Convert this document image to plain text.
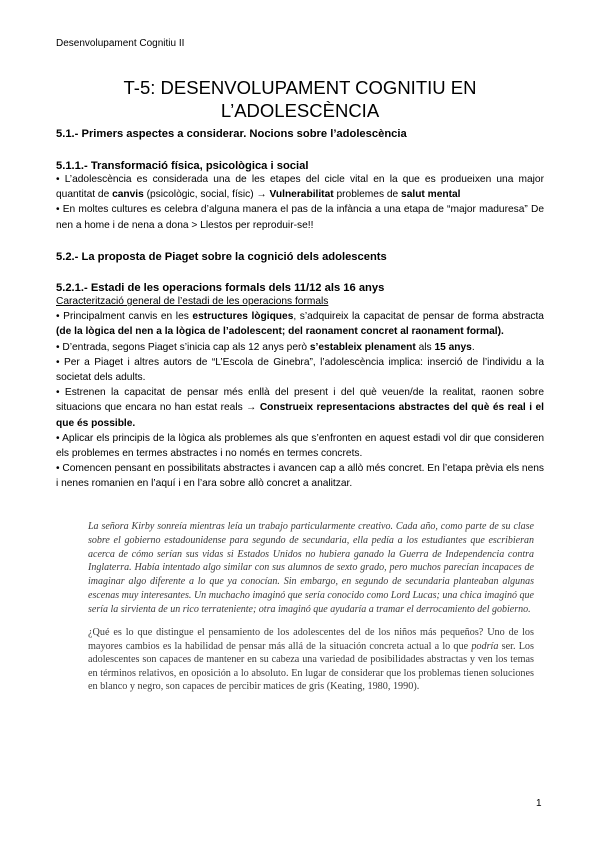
Desenvolupament Cognitiu II
T-5: DESENVOLUPAMENT COGNITIU EN
L’ADOLESCÈNCIA
5.1.- Primers aspectes a considerar. Nocions sobre l’adolescència
5.1.1.- Transformació física, psicològica i social

• L’adolescència es considerada una de les etapes del cicle vital en la que es produeixen una major quantitat de canvis (psicològic, social, físic) → Vulnerabilitat problemes de salut mental

• En moltes cultures es celebra d’alguna manera el pas de la infància a una etapa de “major maduresa” De nen a home i de nena a dona > Llestos per reproduir-se!!

5.2.- La proposta de Piaget sobre la cognició dels adolescents
5.2.1.- Estadi de les operacions formals dels 11/12 als 16 anys

Caracterització general de l’estadi de les operacions formals

• Principalment canvis en les estructures lògiques, s’adquireix la capacitat de pensar de forma abstracta (de la lògica del nen a la lògica de l’adolescent; del raonament concret al raonament formal).

• D’entrada, segons Piaget s’inicia cap als 12 anys però s’estableix plenament als 15 anys.

• Per a Piaget i altres autors de “L’Escola de Ginebra”, l’adolescència implica: inserció de l’individu a la societat dels adults.

• Estrenen la capacitat de pensar més enllà del present i del què veuen/de la realitat, raonen sobre situacions que encara no han estat reals → Construeix representacions abstractes del què és real i el que és possible.

• Aplicar els principis de la lògica als problemes als que s’enfronten en aquest estadi vol dir que consideren els problemes en termes abstractes i no només en termes concrets.

• Comencen pensant en possibilitats abstractes i avancen cap a allò més concret. En l’etapa prèvia els nens i nenes romanien en l’aquí i en l’ara sobre allò concret a analitzar.

La señora Kirby sonreía mientras leía un trabajo particularmente creativo. Cada año, como parte de su clase sobre el gobierno estadounidense para segundo de secundaria, ella pedía a los estudiantes que escribieran acerca de cómo serían sus vidas si Estados Unidos no hubiera ganado la Guerra de Independencia contra Inglaterra. Había intentado algo similar con sus alumnos de sexto grado, pero muchos parecían incapaces de imaginar algo diferente a lo que ya conocían. Sin embargo, en segundo de secundaria planteaban algunas escenas muy interesantes. Un muchacho imaginó que sería conocido como Lord Lucas; una chica imaginó que sería la sirvienta de un rico terrateniente; otra imaginó que ayudaría a tramar el derrocamiento del gobierno.
¿Qué es lo que distingue el pensamiento de los adolescentes del de los niños más pequeños? Uno de los mayores cambios es la habilidad de pensar más allá de la situación concreta actual a lo que podría ser. Los adolescentes son capaces de mantener en su cabeza una variedad de posibilidades abstractas y ven los temas en términos relativos, en oposición a lo absoluto. En lugar de considerar que los problemas tienen soluciones en blanco y negro, son capaces de percibir matices de gris (Keating, 1980, 1990).
1
